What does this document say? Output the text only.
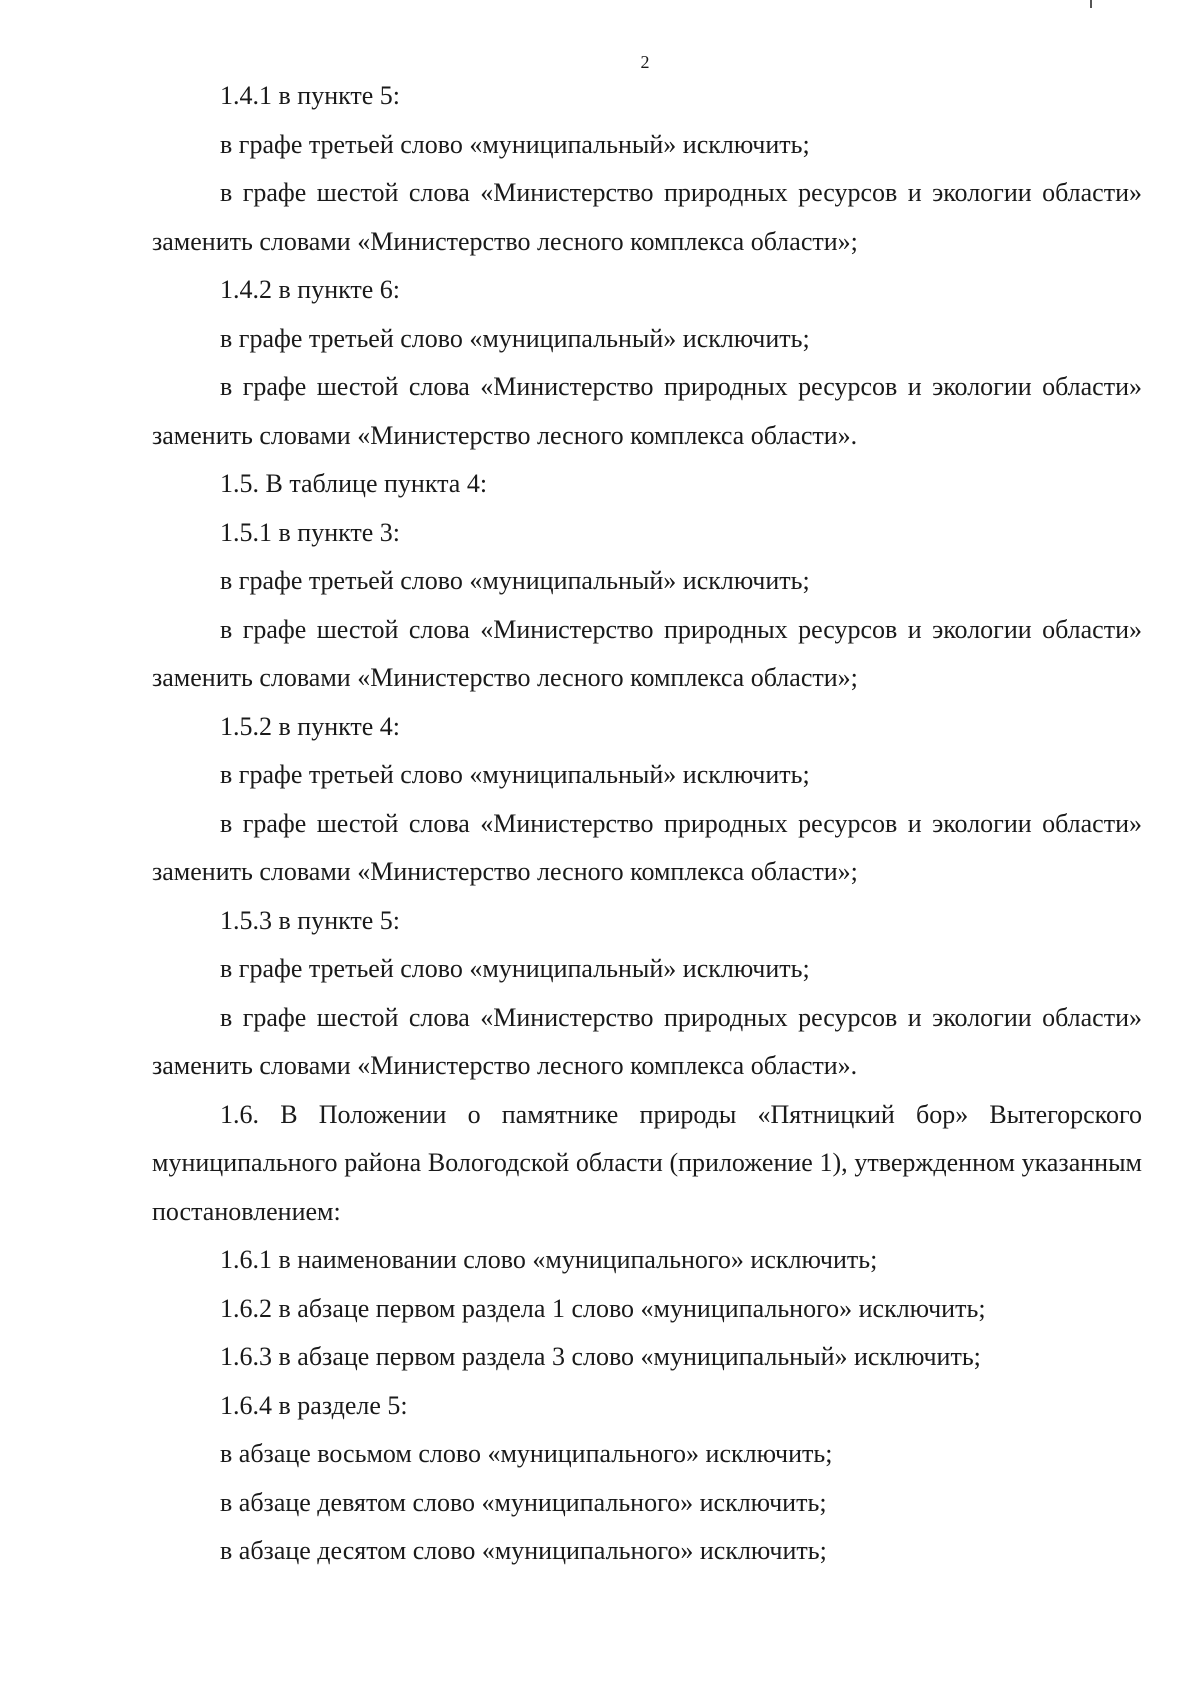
2

1.4.1 в пункте 5:

в графе третьей слово «муниципальный» исключить;

в графе шестой слова «Министерство природных ресурсов и экологии области» заменить словами «Министерство лесного комплекса области»;

1.4.2 в пункте 6:

в графе третьей слово «муниципальный» исключить;

в графе шестой слова «Министерство природных ресурсов и экологии области» заменить словами «Министерство лесного комплекса области».

1.5. В таблице пункта 4:

1.5.1 в пункте 3:

в графе третьей слово «муниципальный» исключить;

в графе шестой слова «Министерство природных ресурсов и экологии области» заменить словами «Министерство лесного комплекса области»;

1.5.2 в пункте 4:

в графе третьей слово «муниципальный» исключить;

в графе шестой слова «Министерство природных ресурсов и экологии области» заменить словами «Министерство лесного комплекса области»;

1.5.3 в пункте 5:

в графе третьей слово «муниципальный» исключить;

в графе шестой слова «Министерство природных ресурсов и экологии области» заменить словами «Министерство лесного комплекса области».

1.6. В Положении о памятнике природы «Пятницкий бор» Вытегорского муниципального района Вологодской области (приложение 1), утвержденном указанным постановлением:

1.6.1 в наименовании слово «муниципального» исключить;

1.6.2 в абзаце первом раздела 1 слово «муниципального» исключить;

1.6.3 в абзаце первом раздела 3 слово «муниципальный» исключить;

1.6.4 в разделе 5:

в абзаце восьмом слово «муниципального» исключить;

в абзаце девятом слово «муниципального» исключить;

в абзаце десятом слово «муниципального» исключить;
